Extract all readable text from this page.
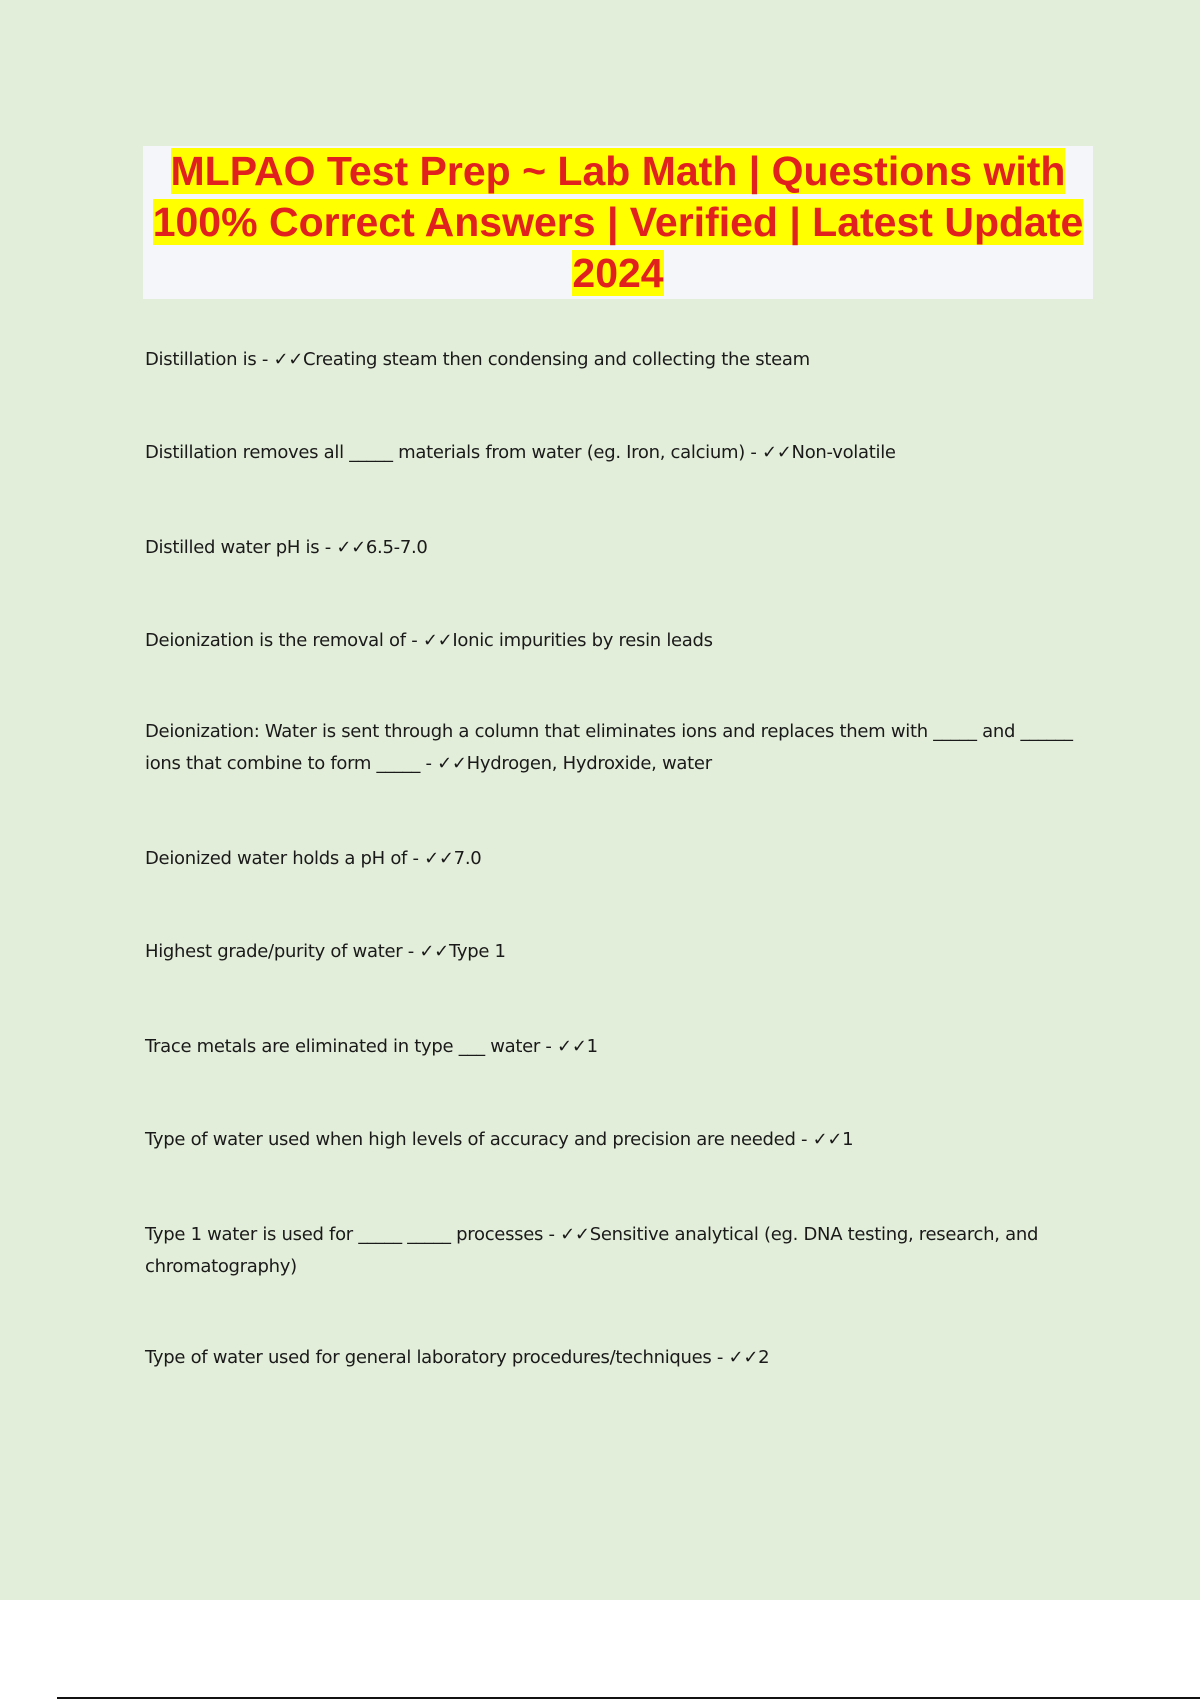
MLPAO Test Prep ~ Lab Math | Questions with 100% Correct Answers | Verified | Latest Update 2024
Distillation is - ✓✓Creating steam then condensing and collecting the steam
Distillation removes all _____ materials from water (eg. Iron, calcium) - ✓✓Non-volatile
Distilled water pH is - ✓✓6.5-7.0
Deionization is the removal of - ✓✓Ionic impurities by resin leads
Deionization: Water is sent through a column that eliminates ions and replaces them with _____ and ______ ions that combine to form _____ - ✓✓Hydrogen, Hydroxide, water
Deionized water holds a pH of - ✓✓7.0
Highest grade/purity of water - ✓✓Type 1
Trace metals are eliminated in type ___ water - ✓✓1
Type of water used when high levels of accuracy and precision are needed - ✓✓1
Type 1 water is used for _____ _____ processes - ✓✓Sensitive analytical (eg. DNA testing, research, and chromatography)
Type of water used for general laboratory procedures/techniques - ✓✓2
